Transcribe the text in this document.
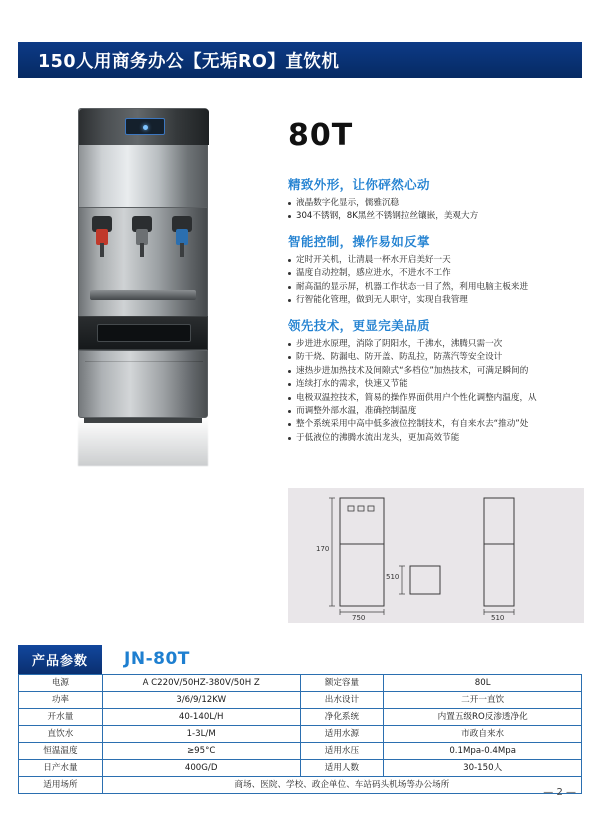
150人用商务办公【无垢RO】直饮机
80T
精致外形，让你砰然心动
液晶数字化显示，儒雅沉稳
304不锈钢，8K黑丝不锈钢拉丝镶嵌，美观大方
智能控制，操作易如反掌
定时开关机，让清晨一杯水开启美好一天
温度自动控制，感应进水，不进水不工作
耐高温的显示屏，机器工作状态一目了然，利用电脑主板来进
行智能化管理，做到无人职守，实现自我管理
领先技术，更显完美品质
步进进水原理，消除了阴阳水，千沸水，沸腾只需一次
防干烧、防漏电、防开盖、防乱拉，防蒸汽等安全设计
速热步进加热技术及间隙式“多档位”加热技术，可满足瞬间的
连续打水的需求，快速又节能
电极双温控技术，简易的操作界面供用户个性化调整内温度，从
而调整外部水温，准确控制温度
整个系统采用中高中低多液位控制技术，有自来水去“推动”处
于低液位的沸腾水流出龙头，更加高效节能
170
750
510
510
产品参数	JN-80T
电源	A C220V/50HZ-380V/50H Z	额定容量	80L
功率	3/6/9/12KW	出水设计	二开一直饮
开水量	40-140L/H	净化系统	内置五级RO反渗透净化
直饮水	1-3L/M	适用水源	市政自来水
恒温温度	≥95°C	适用水压	0.1Mpa-0.4Mpa
日产水量	400G/D	适用人数	30-150人
适用场所	商场、医院、学校、政企单位、车站码头机场等办公场所		
— 2 —
